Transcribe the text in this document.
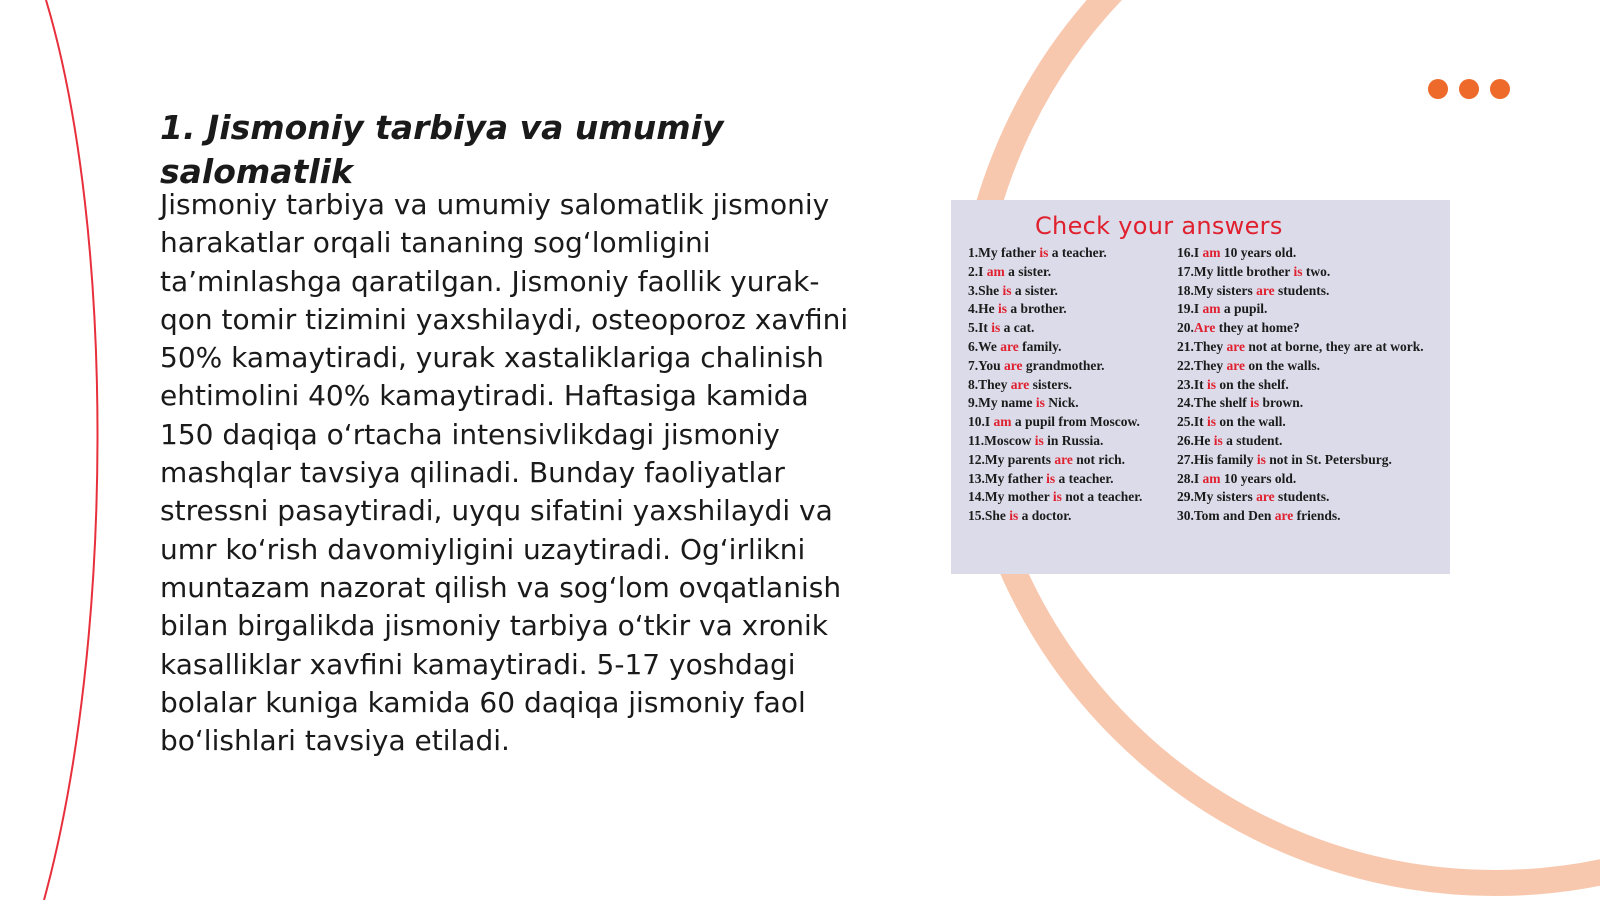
1. Jismoniy tarbiya va umumiy salomatlik

Jismoniy tarbiya va umumiy salomatlik jismoniy harakatlar orqali tananing sog‘lomligini ta’minlashga qaratilgan. Jismoniy faollik yurak-qon tomir tizimini yaxshilaydi, osteoporoz xavfini 50% kamaytiradi, yurak xastaliklariga chalinish ehtimolini 40% kamaytiradi. Haftasiga kamida 150 daqiqa o‘rtacha intensivlikdagi jismoniy mashqlar tavsiya qilinadi. Bunday faoliyatlar stressni pasaytiradi, uyqu sifatini yaxshilaydi va umr ko‘rish davomiyligini uzaytiradi. Og‘irlikni muntazam nazorat qilish va sog‘lom ovqatlanish bilan birgalikda jismoniy tarbiya o‘tkir va xronik kasalliklar xavfini kamaytiradi. 5-17 yoshdagi bolalar kuniga kamida 60 daqiqa jismoniy faol bo‘lishlari tavsiya etiladi.

Check your answers
1.My father is a teacher.
2.I am a sister.
3.She is a sister.
4.He is a brother.
5.It is a cat.
6.We are family.
7.You are grandmother.
8.They are sisters.
9.My name is Nick.
10.I am a pupil from Moscow.
11.Moscow is in Russia.
12.My parents are not rich.
13.My father is a teacher.
14.My mother is not a teacher.
15.She is a doctor.
16.I am 10 years old.
17.My little brother is two.
18.My sisters are students.
19.I am a pupil.
20.Are they at home?
21.They are not at borne, they are at work.
22.They are on the walls.
23.It is on the shelf.
24.The shelf is brown.
25.It is on the wall.
26.He is a student.
27.His family is not in St. Petersburg.
28.I am 10 years old.
29.My sisters are students.
30.Tom and Den are friends.
